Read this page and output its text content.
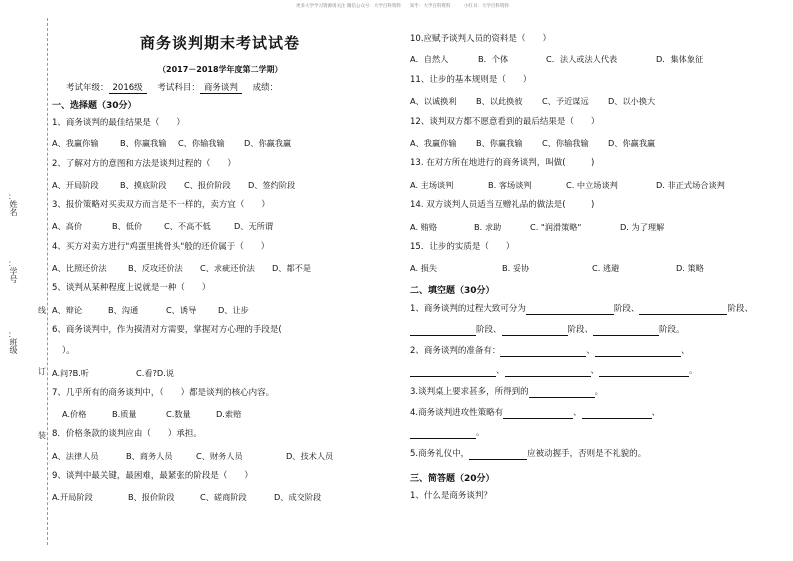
更多大学学习资源请关注 微信公众号：大学百科资料　　知乎：大学百科资料　　　小红书：大学百科资料
：
姓名
：
学号
：
班级
线
订
装
商务谈判期末考试试卷
（2017－2018学年度第二学期）
考试年级： 2016级 考试科目： 商务谈判 成绩：
一、选择题（30分）
1、商务谈判的最佳结果是（　　）
A、我赢你输	B、你赢我输 C、你输我输 D、你赢我赢
2、了解对方的意图和方法是谈判过程的（　　）
A、开局阶段	B、摸底阶段 C、报价阶段 D、签约阶段
3、报价策略对买卖双方而言是不一样的，卖方宜（　　）
A、高价	B、低价	C、不高不低	D、无所谓
4、买方对卖方进行"鸡蛋里挑骨头"般的还价属于（　　）
A、比照还价法	B、反攻还价法 C、求疵还价法 D、都不是
5、谈判从某种程度上说就是一种（　　）
A、辩论	B、沟通	C、诱导	D、让步
6、商务谈判中，作为摸清对方需要，掌握对方心理的手段是(
）。
A.问?B.听	C.看?D.说
7、几乎所有的商务谈判中，（　　）都是谈判的核心内容。
A.价格	B.质量	C.数量	D.索赔
8．价格条款的谈判应由（　　）承担。
A、法律人员	B、商务人员	C、财务人员	D、技术人员
9、谈判中最关键，最困难，最紧张的阶段是（　　）
A.开局阶段	B、报价阶段	C、磋商阶段	D、成交阶段
10.应赋予谈判人员的资料是（　　）
A．自然人	B．个体	C．法人或法人代表	D．集体象征
11、让步的基本规则是（　　）
A、以诚换利 B、以此换彼 C、予近谋远 D、以小换大
12、谈判双方都不愿意看到的最后结果是（　　）
A、我赢你输 B、你赢我输 C、你输我输 D、你赢我赢
13. 在对方所在地进行的商务谈判，叫做(　　　)
A. 主场谈判	B. 客场谈判	C. 中立场谈判	D. 非正式场合谈判
14. 双方谈判人员适当互赠礼品的做法是(　　　)
A. 贿赂	B. 求助	C. "润滑策略"	D. 为了理解
15．让步的实质是（　　）
A. 损失	B. 妥协	C. 逃避	D. 策略
二、填空题（30分）
1、商务谈判的过程大致可分为	阶段、	阶段、
阶段、	阶段、	阶段。
2、商务谈判的准备有：	、	、
、	、	。
3.谈判桌上要求甚多，所得到的	。
4.商务谈判进攻性策略有	、	、
。
5.商务礼仪中，	应被动握手，否则是不礼貌的。
三、简答题（20分）
1、什么是商务谈判？
